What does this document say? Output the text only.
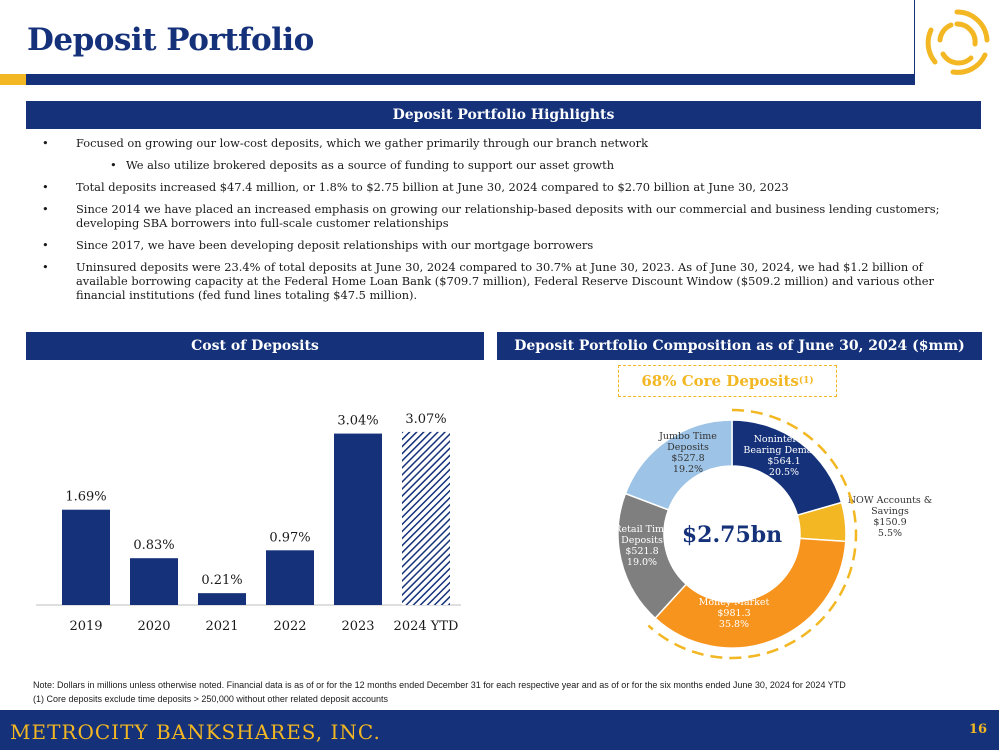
Deposit Portfolio
Deposit Portfolio Highlights
• Focused on growing our low-cost deposits, which we gather primarily through our branch network
• We also utilize brokered deposits as a source of funding to support our asset growth
• Total deposits increased $47.4 million, or 1.8% to $2.75 billion at June 30, 2024 compared to $2.70 billion at June 30, 2023
• Since 2014 we have placed an increased emphasis on growing our relationship-based deposits with our commercial and business lending customers; developing SBA borrowers into full-scale customer relationships
• Since 2017, we have been developing deposit relationships with our mortgage borrowers
• Uninsured deposits were 23.4% of total deposits at June 30, 2024 compared to 30.7% at June 30, 2023. As of June 30, 2024, we had $1.2 billion of available borrowing capacity at the Federal Home Loan Bank ($709.7 million), Federal Reserve Discount Window ($509.2 million) and various other financial institutions (fed fund lines totaling $47.5 million).
Cost of Deposits	Deposit Portfolio Composition as of June 30, 2024 ($mm)
1.69%
2019
0.83%
2020
0.21%
2021
0.97%
2022
3.04%
2023
3.07%
2024 YTD
68% Core Deposits (1)
Noninterest-Bearing Demand $564.1 20.5%
NOW Accounts & Savings $150.9 5.5%
Money Market $981.3 35.8%
Retail Time Deposits $521.8 19.0%
Jumbo Time Deposits $527.8 19.2%
$2.75bn
Note: Dollars in millions unless otherwise noted. Financial data is as of or for the 12 months ended December 31 for each respective year and as of or for the six months ended June 30, 2024 for 2024 YTD
(1) Core deposits exclude time deposits > 250,000 without other related deposit accounts
METROCITY BANKSHARES, INC.	16
